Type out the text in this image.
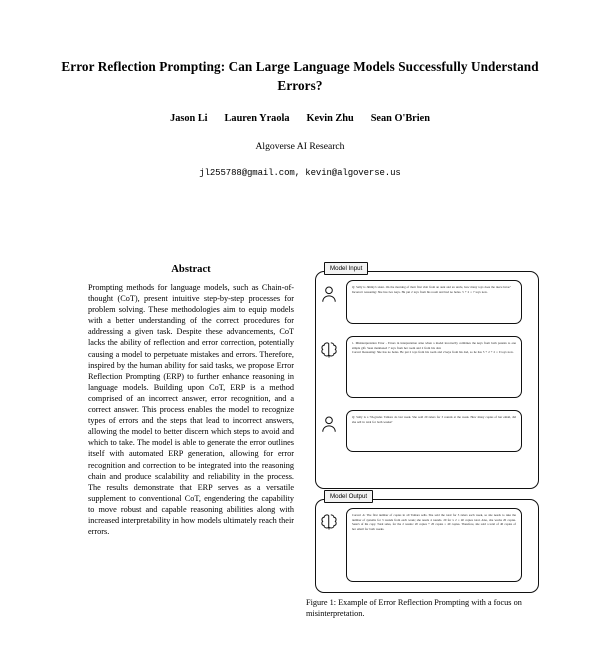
Error Reflection Prompting: Can Large Language Models Successfully Understand Errors?
Jason Li Lauren Yraola Kevin Zhu Sean O'Brien
Algoverse AI Research
jl255788@gmail.com, kevin@algoverse.us
Abstract

Prompting methods for language models, such as Chain-of-thought (CoT), present intuitive step-by-step processes for problem solving. These methodologies aim to equip models with a better understanding of the correct procedures for addressing a given task. Despite these advancements, CoT lacks the ability of reflection and error correction, potentially causing a model to perpetuate mistakes and errors. Therefore, inspired by the human ability for said tasks, we propose Error Reflection Prompting (ERP) to further enhance reasoning in language models. Building upon CoT, ERP is a method comprised of an incorrect answer, error recognition, and a correct answer. This process enables the model to recognize types of errors and the steps that lead to incorrect answers, allowing the model to better discern which steps to avoid and which to take. The model is able to generate the error outlines itself with automated ERP generation, allowing for error recognition and correction to be integrated into the reasoning chain and produce scalability and reliability in the process. The results demonstrate that ERP serves as a versatile supplement to conventional CoT, engendering the capability to move robust and capable reasoning abilities along with increased interpretability in how models ultimately reach their errors.

Model Input
Model Output
Q: Sally is Jimmy's sister. On the morning of their first visit from an aunt and an uncle, how many toys does the niece have?
Incorrect reasoning: She has two keys. He put 2 toys from his room and had no holes. 5 + 2 = 7 toys now.
1. Misinterpretation Error - Errors in interpretation arise when a model incorrectly combines the keys from both parents to one simple gift. Sean mentioned 7 toys from her room and 2 from his dad.
Correct Reasoning: She has no holes. He put 2 toys from his room and 2 keys from his dad, so he has 5 + 2 + 2 = 9 toys now.
Q: Sally is a 7th-grader. Tamara do last week. She sold 20 rulers for 3 rounds at the week. How many copies of her email, did she sell in total for both weeks?
Correct A: The first number of copies in all Tamara sells. She sold the total for 3 rulers each week, so she needs to take the number of systems for 3 rounds from each week; she needs 4 rounds. 20 for x 2 = 40 copies total. Also, she works 20 copies. Sean's of his copy. Total sales, for the 2 weeks: 20 copies + 20 copies = 40 copies. Therefore, she sold a total of 40 copies of her email for both weeks.
Figure 1: Example of Error Reflection Prompting with a focus on misinterpretation.
